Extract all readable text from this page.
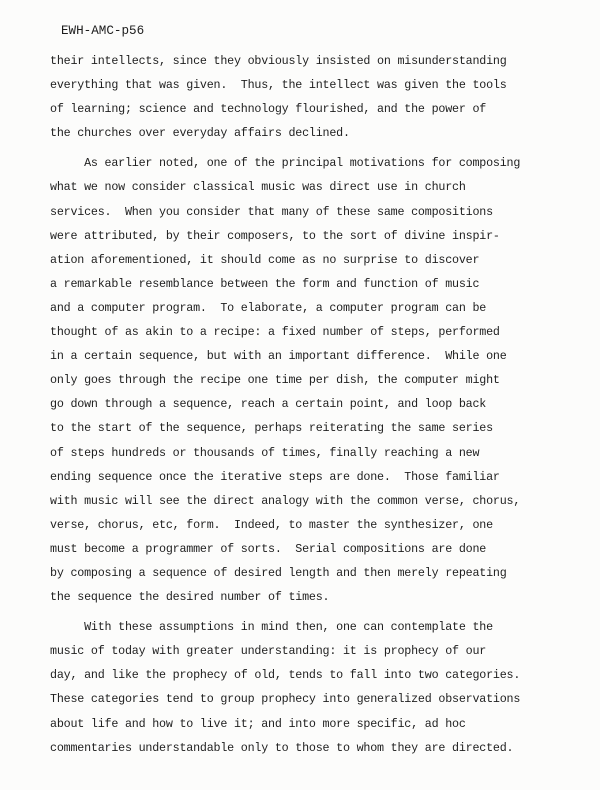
EWH-AMC-p56
their intellects, since they obviously insisted on misunderstanding
everything that was given.  Thus, the intellect was given the tools
of learning; science and technology flourished, and the power of
the churches over everyday affairs declined.
As earlier noted, one of the principal motivations for composing
what we now consider classical music was direct use in church
services.  When you consider that many of these same compositions
were attributed, by their composers, to the sort of divine inspir-
ation aforementioned, it should come as no surprise to discover
a remarkable resemblance between the form and function of music
and a computer program.  To elaborate, a computer program can be
thought of as akin to a recipe: a fixed number of steps, performed
in a certain sequence, but with an important difference.  While one
only goes through the recipe one time per dish, the computer might
go down through a sequence, reach a certain point, and loop back
to the start of the sequence, perhaps reiterating the same series
of steps hundreds or thousands of times, finally reaching a new
ending sequence once the iterative steps are done.  Those familiar
with music will see the direct analogy with the common verse, chorus,
verse, chorus, etc, form.  Indeed, to master the synthesizer, one
must become a programmer of sorts.  Serial compositions are done
by composing a sequence of desired length and then merely repeating
the sequence the desired number of times.
With these assumptions in mind then, one can contemplate the
music of today with greater understanding: it is prophecy of our
day, and like the prophecy of old, tends to fall into two categories.
These categories tend to group prophecy into generalized observations
about life and how to live it; and into more specific, ad hoc
commentaries understandable only to those to whom they are directed.
